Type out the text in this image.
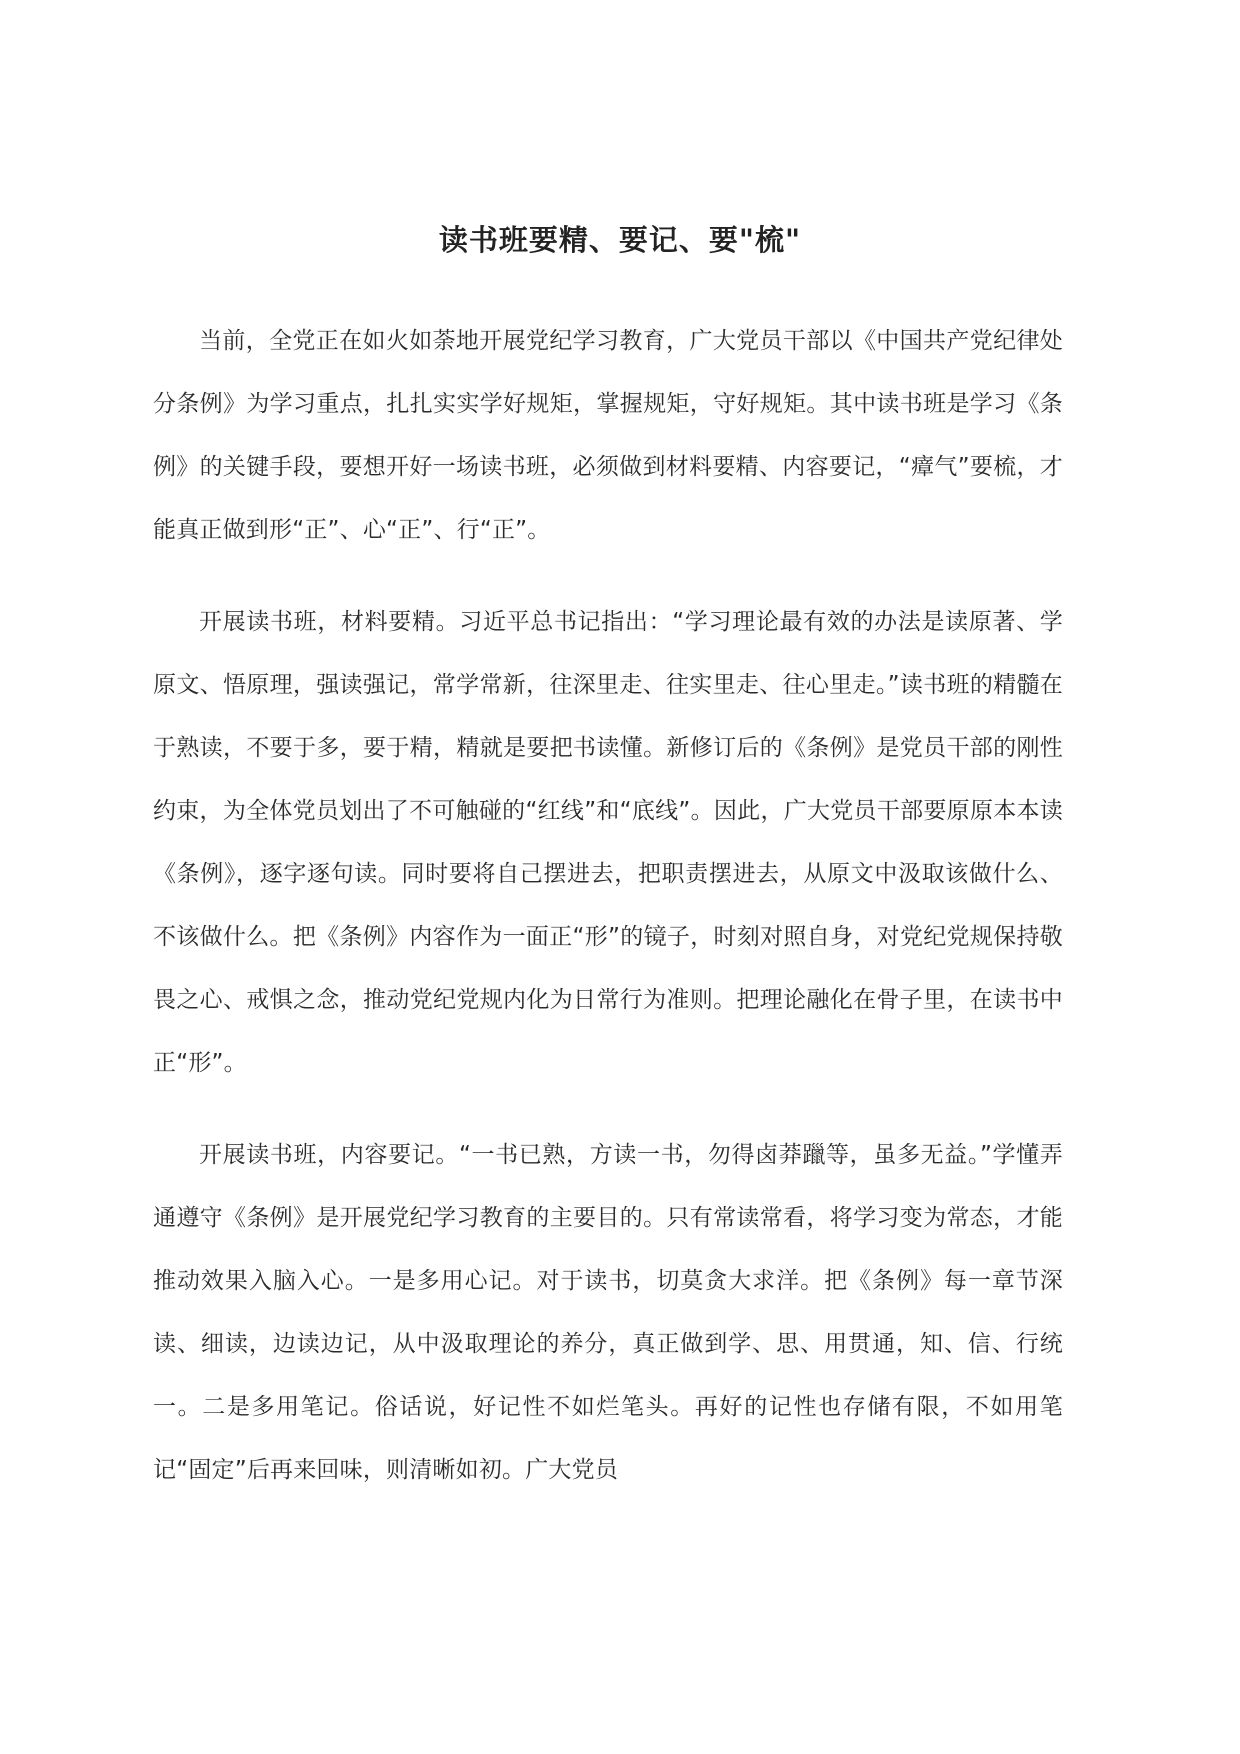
读书班要精、要记、要"梳"

当前，全党正在如火如荼地开展党纪学习教育，广大党员干部以《中国共产党纪律处分条例》为学习重点，扎扎实实学好规矩，掌握规矩，守好规矩。其中读书班是学习《条例》的关键手段，要想开好一场读书班，必须做到材料要精、内容要记，“瘴气”要梳，才能真正做到形“正”、心“正”、行“正”。

开展读书班，材料要精。习近平总书记指出：“学习理论最有效的办法是读原著、学原文、悟原理，强读强记，常学常新，往深里走、往实里走、往心里走。”读书班的精髓在于熟读，不要于多，要于精，精就是要把书读懂。新修订后的《条例》是党员干部的刚性约束，为全体党员划出了不可触碰的“红线”和“底线”。因此，广大党员干部要原原本本读《条例》，逐字逐句读。同时要将自己摆进去，把职责摆进去，从原文中汲取该做什么、不该做什么。把《条例》内容作为一面正“形”的镜子，时刻对照自身，对党纪党规保持敬畏之心、戒惧之念，推动党纪党规内化为日常行为准则。把理论融化在骨子里，在读书中正“形”。

开展读书班，内容要记。“一书已熟，方读一书，勿得卤莽躐等，虽多无益。”学懂弄通遵守《条例》是开展党纪学习教育的主要目的。只有常读常看，将学习变为常态，才能推动效果入脑入心。一是多用心记。对于读书，切莫贪大求洋。把《条例》每一章节深读、细读，边读边记，从中汲取理论的养分，真正做到学、思、用贯通，知、信、行统一。二是多用笔记。俗话说，好记性不如烂笔头。再好的记性也存储有限，不如用笔记“固定”后再来回味，则清晰如初。广大党员
